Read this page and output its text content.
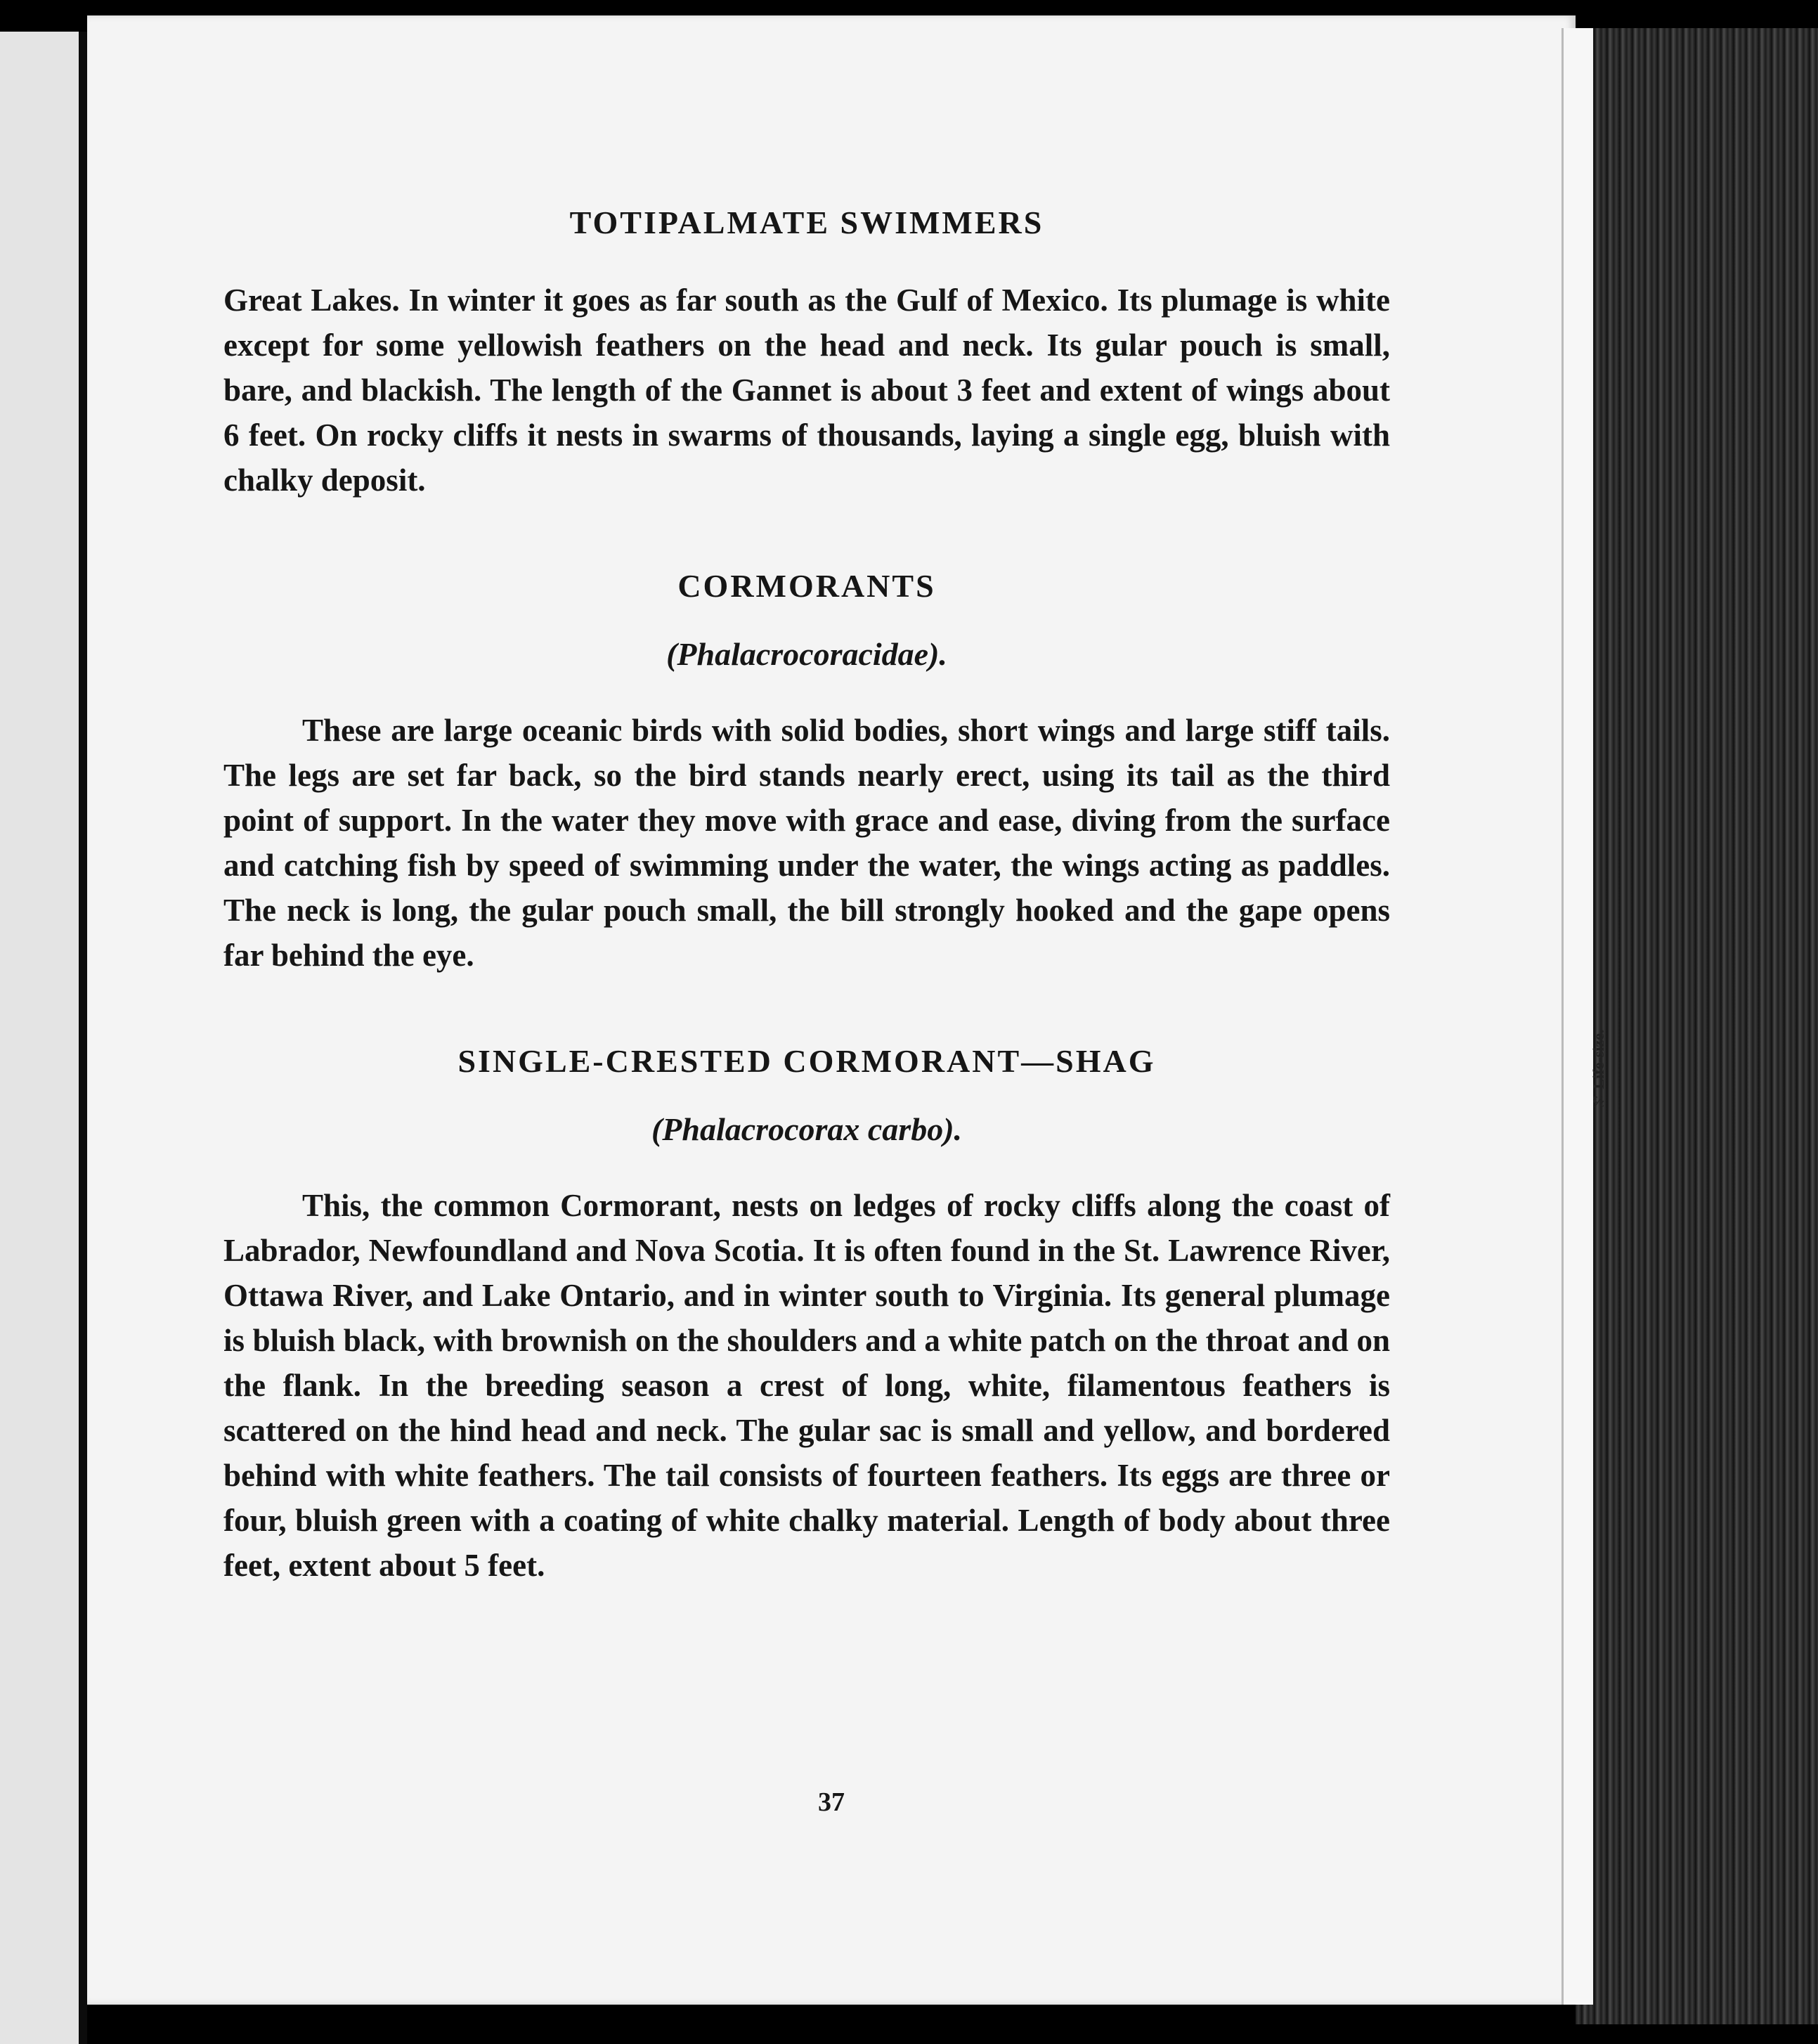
⅔ Life-size.

TOTIPALMATE SWIMMERS

Great Lakes. In winter it goes as far south as the Gulf of Mexico. Its plumage is white except for some yellowish feathers on the head and neck. Its gular pouch is small, bare, and blackish. The length of the Gannet is about 3 feet and extent of wings about 6 feet. On rocky cliffs it nests in swarms of thousands, laying a single egg, bluish with chalky deposit.

CORMORANTS

(Phalacrocoracidae).

These are large oceanic birds with solid bodies, short wings and large stiff tails. The legs are set far back, so the bird stands nearly erect, using its tail as the third point of support. In the water they move with grace and ease, diving from the surface and catching fish by speed of swimming under the water, the wings acting as paddles. The neck is long, the gular pouch small, the bill strongly hooked and the gape opens far behind the eye.

SINGLE-CRESTED CORMORANT—SHAG

(Phalacrocorax carbo).

This, the common Cormorant, nests on ledges of rocky cliffs along the coast of Labrador, Newfoundland and Nova Scotia. It is often found in the St. Lawrence River, Ottawa River, and Lake Ontario, and in winter south to Virginia. Its general plumage is bluish black, with brownish on the shoulders and a white patch on the throat and on the flank. In the breeding season a crest of long, white, filamentous feathers is scattered on the hind head and neck. The gular sac is small and yellow, and bordered behind with white feathers. The tail consists of fourteen feathers. Its eggs are three or four, bluish green with a coating of white chalky material. Length of body about three feet, extent about 5 feet.

37
